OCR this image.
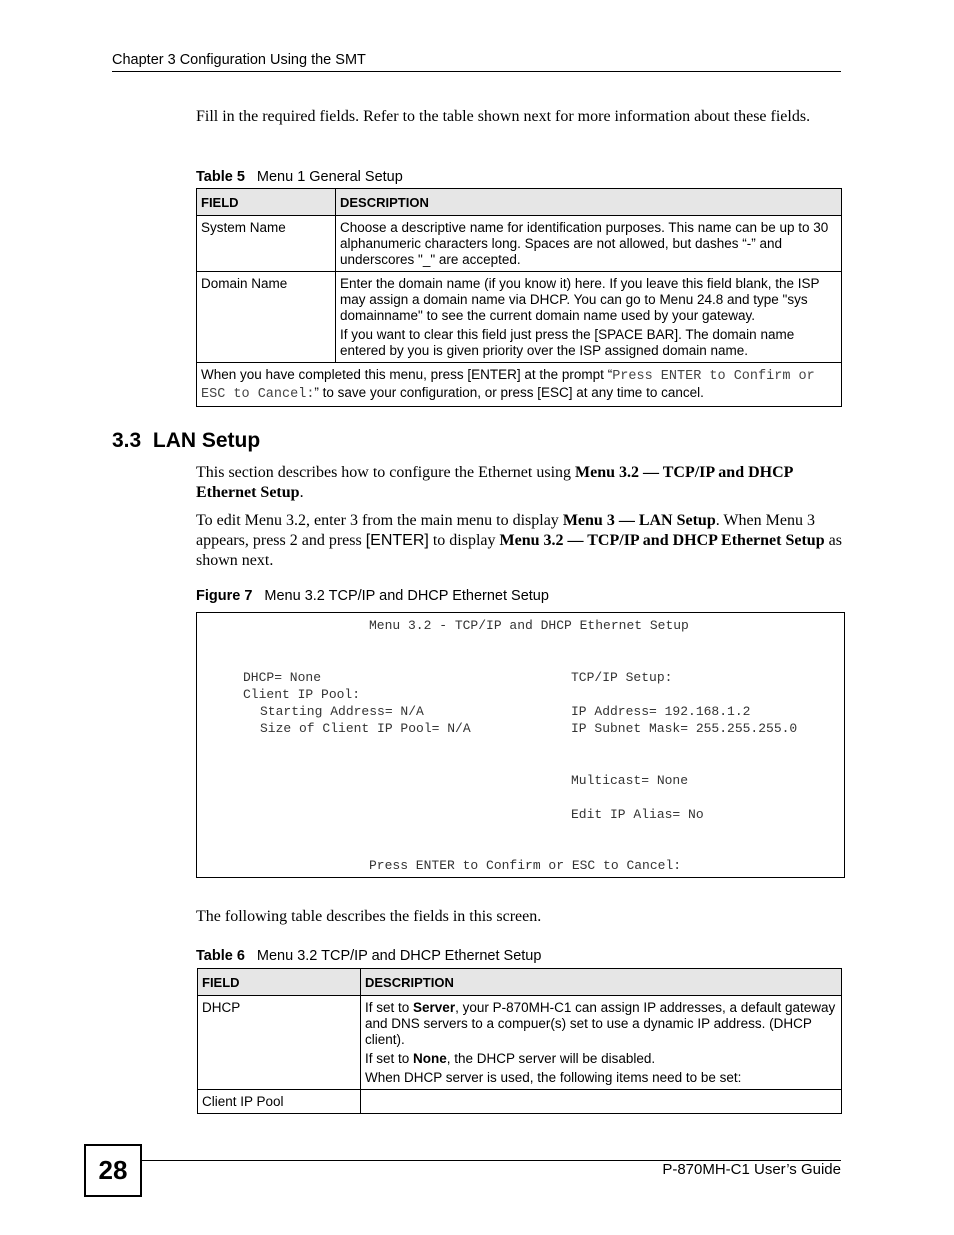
Chapter 3 Configuration Using the SMT

Fill in the required fields. Refer to the table shown next for more information about these fields.

Table 5 Menu 1 General Setup
FIELD	DESCRIPTION
System Name	Choose a descriptive name for identification purposes. This name can be up to 30 alphanumeric characters long. Spaces are not allowed, but dashes “-” and underscores "_" are accepted.

Domain Name	Enter the domain name (if you know it) here. If you leave this field blank, the ISP may assign a domain name via DHCP. You can go to Menu 24.8 and type "sys domainname" to see the current domain name used by your gateway.

If you want to clear this field just press the [SPACE BAR]. The domain name entered by you is given priority over the ISP assigned domain name.

When you have completed this menu, press [ENTER] at the prompt “Press ENTER to Confirm or ESC to Cancel:” to save your configuration, or press [ESC] at any time to cancel.	
3.3 LAN Setup

This section describes how to configure the Ethernet using Menu 3.2 — TCP/IP and DHCP Ethernet Setup.

To edit Menu 3.2, enter 3 from the main menu to display Menu 3 — LAN Setup. When Menu 3 appears, press 2 and press [ENTER] to display Menu 3.2 — TCP/IP and DHCP Ethernet Setup as shown next.

Figure 7 Menu 3.2 TCP/IP and DHCP Ethernet Setup
Menu 3.2 - TCP/IP and DHCP Ethernet Setup
DHCP= None
Client IP Pool:
Starting Address= N/A
Size of Client IP Pool= N/A
TCP/IP Setup:
IP Address= 192.168.1.2
IP Subnet Mask= 255.255.255.0
Multicast= None
Edit IP Alias= No
Press ENTER to Confirm or ESC to Cancel:

The following table describes the fields in this screen.

Table 6 Menu 3.2 TCP/IP and DHCP Ethernet Setup
FIELD	DESCRIPTION
DHCP	If set to Server, your P-870MH-C1 can assign IP addresses, a default gateway and DNS servers to a compuer(s) set to use a dynamic IP address. (DHCP client).

If set to None, the DHCP server will be disabled.

When DHCP server is used, the following items need to be set:

Client IP Pool	
28	P-870MH-C1 User’s Guide
